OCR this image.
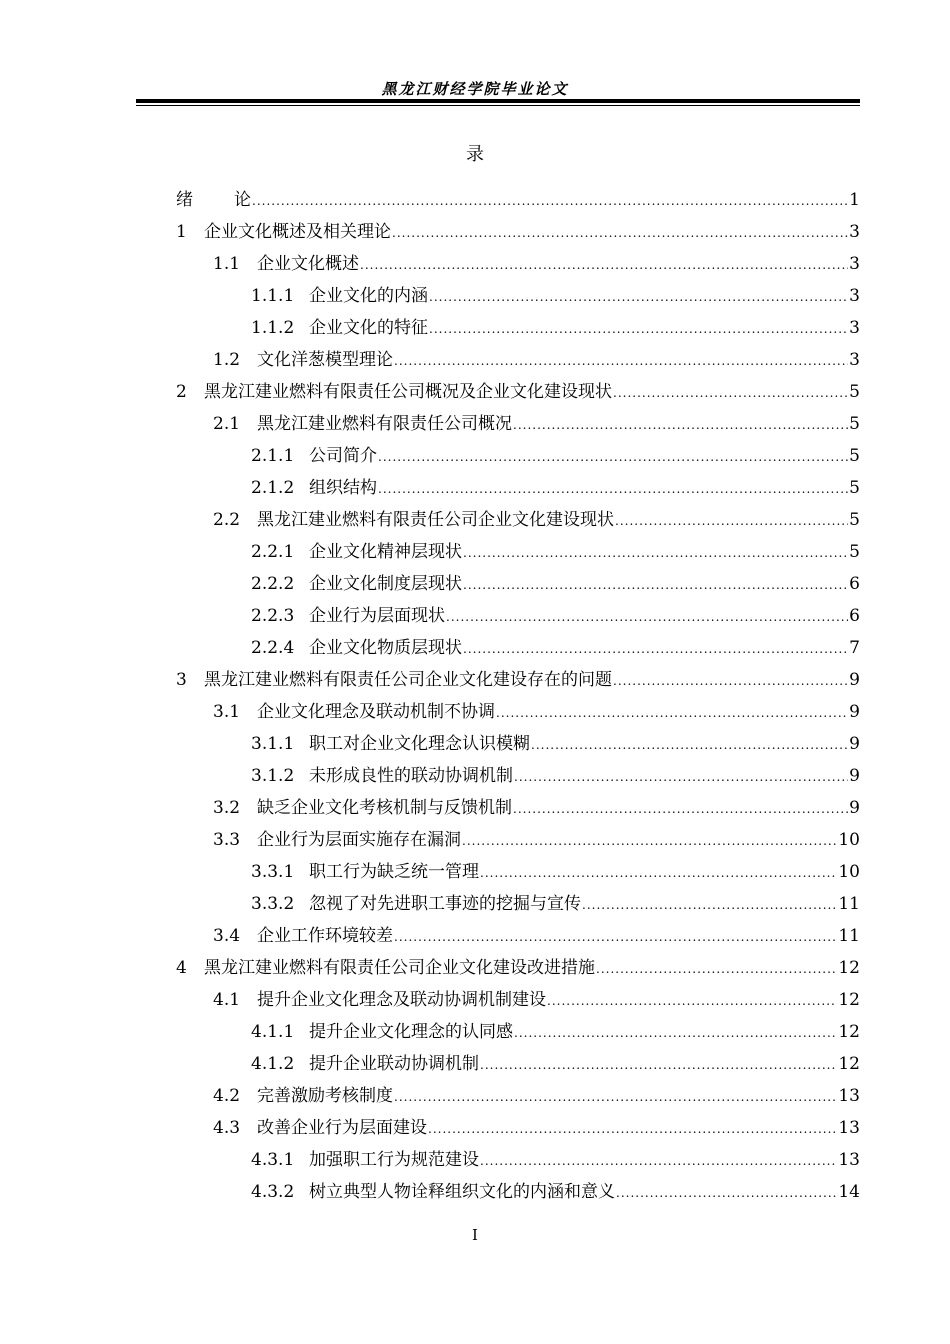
黑龙江财经学院毕业论文
录
绪	论 .....	1
1	企业文化概述及相关理论 .....	3
1.1 企业文化概述 .....	3
1.1.1 企业文化的内涵 .....	3
1.1.2 企业文化的特征 .....	3
1.2 文化洋葱模型理论 .....	3
2	黑龙江建业燃料有限责任公司概况及企业文化建设现状 .....	5
2.1 黑龙江建业燃料有限责任公司概况 .....	5
2.1.1 公司简介 .....	5
2.1.2 组织结构 .....	5
2.2 黑龙江建业燃料有限责任公司企业文化建设现状 .....	5
2.2.1 企业文化精神层现状 .....	5
2.2.2 企业文化制度层现状 .....	6
2.2.3 企业行为层面现状 .....	6
2.2.4 企业文化物质层现状 .....	7
3	黑龙江建业燃料有限责任公司企业文化建设存在的问题 .....	9
3.1 企业文化理念及联动机制不协调 .....	9
3.1.1 职工对企业文化理念认识模糊 .....	9
3.1.2 未形成良性的联动协调机制 .....	9
3.2 缺乏企业文化考核机制与反馈机制 .....	9
3.3 企业行为层面实施存在漏洞 .....	10
3.3.1 职工行为缺乏统一管理 .....	10
3.3.2 忽视了对先进职工事迹的挖掘与宣传 .....	11
3.4 企业工作环境较差 .....	11
4	黑龙江建业燃料有限责任公司企业文化建设改进措施 .....	12
4.1 提升企业文化理念及联动协调机制建设 .....	12
4.1.1 提升企业文化理念的认同感 .....	12
4.1.2 提升企业联动协调机制 .....	12
4.2 完善激励考核制度 .....	13
4.3 改善企业行为层面建设 .....	13
4.3.1 加强职工行为规范建设 .....	13
4.3.2 树立典型人物诠释组织文化的内涵和意义 .....	14
I
